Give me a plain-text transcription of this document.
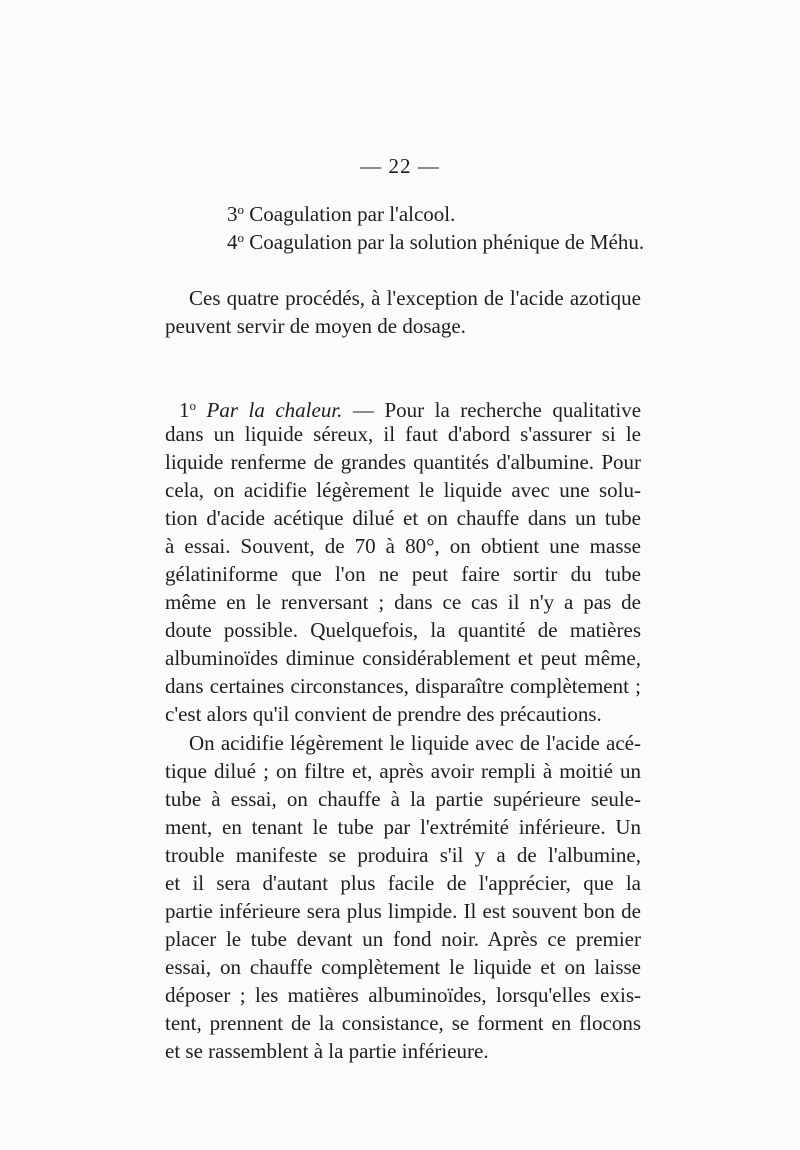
— 22 —
3$^o$ Coagulation par l'alcool.
4$^o$ Coagulation par la solution phénique de Méhu.
Ces quatre procédés, à l'exception de l'acide azotique
peuvent servir de moyen de dosage.
1$^o$ Par la chaleur. — Pour la recherche qualitative
dans un liquide séreux, il faut d'abord s'assurer si le
liquide renferme de grandes quantités d'albumine. Pour
cela, on acidifie légèrement le liquide avec une solu-
tion d'acide acétique dilué et on chauffe dans un tube
à essai. Souvent, de 70 à 80°, on obtient une masse
gélatiniforme que l'on ne peut faire sortir du tube
même en le renversant ; dans ce cas il n'y a pas de
doute possible. Quelquefois, la quantité de matières
albuminoïdes diminue considérablement et peut même,
dans certaines circonstances, disparaître complètement ;
c'est alors qu'il convient de prendre des précautions.
On acidifie légèrement le liquide avec de l'acide acé-
tique dilué ; on filtre et, après avoir rempli à moitié un
tube à essai, on chauffe à la partie supérieure seule-
ment, en tenant le tube par l'extrémité inférieure. Un
trouble manifeste se produira s'il y a de l'albumine,
et il sera d'autant plus facile de l'apprécier, que la
partie inférieure sera plus limpide. Il est souvent bon de
placer le tube devant un fond noir. Après ce premier
essai, on chauffe complètement le liquide et on laisse
déposer ; les matières albuminoïdes, lorsqu'elles exis-
tent, prennent de la consistance, se forment en flocons
et se rassemblent à la partie inférieure.
